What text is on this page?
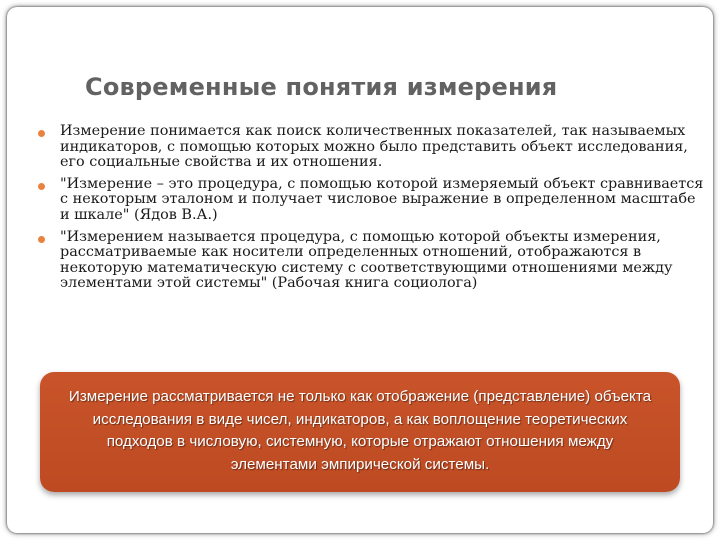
Современные понятия измерения
Измерение понимается как поиск количественных показателей, так называемых индикаторов, с помощью которых можно было представить объект исследования, его социальные свойства и их отношения.
"Измерение – это процедура, с помощью которой измеряемый объект сравнивается с некоторым эталоном и получает числовое выражение в определенном масштабе и шкале" (Ядов В.А.)
"Измерением называется процедура, с помощью которой объекты измерения, рассматриваемые как носители определенных отношений, отображаются в некоторую математическую систему с соответствующими отношениями между элементами этой системы" (Рабочая книга социолога)
Измерение рассматривается не только как отображение (представление) объекта исследования в виде чисел, индикаторов, а как воплощение теоретических подходов в числовую, системную, которые отражают отношения между элементами эмпирической системы.
